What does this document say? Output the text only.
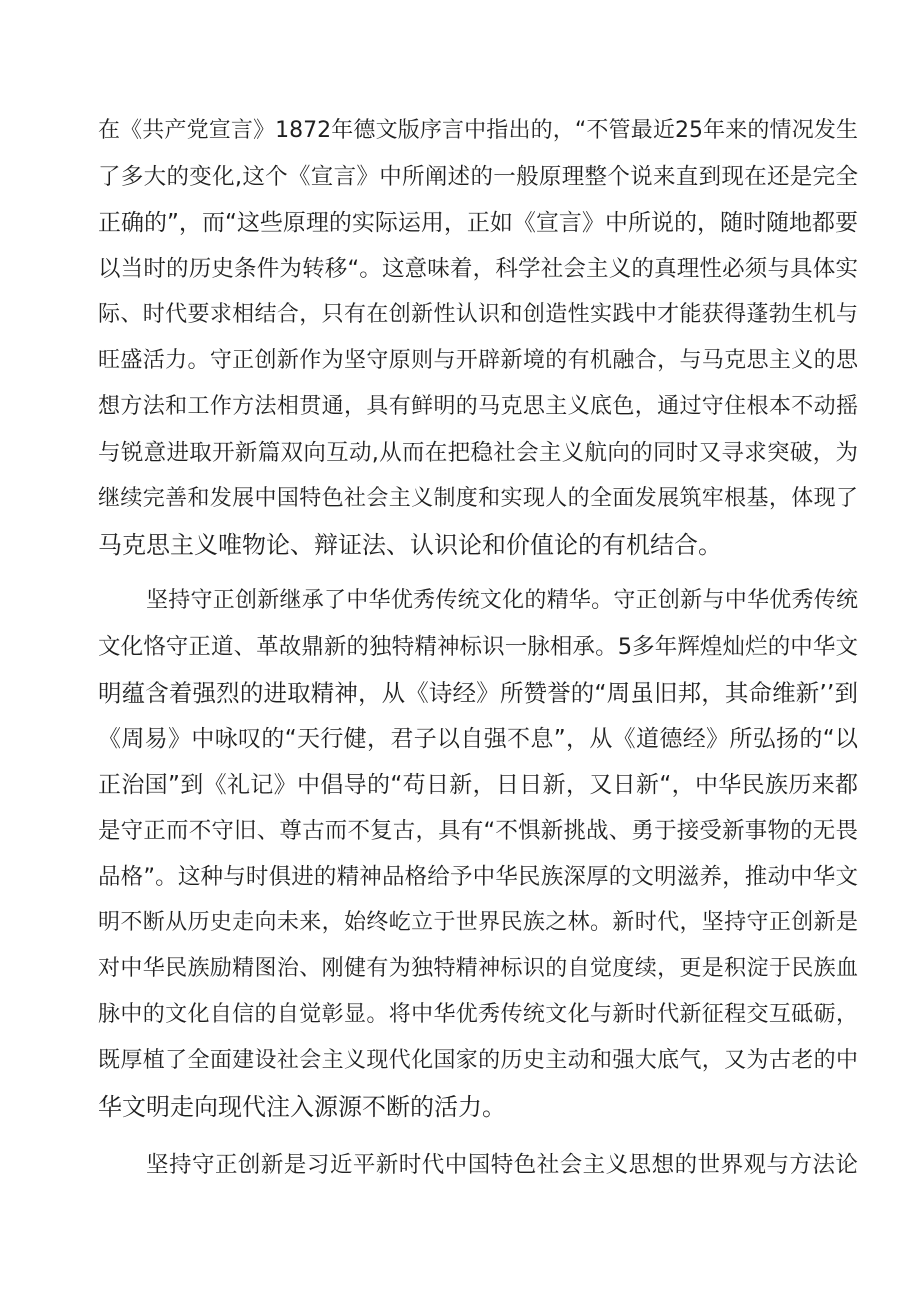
在《共产党宣言》1872年德文版序言中指出的，“不管最近25年来的情况发生
了多大的变化,这个《宣言》中所阐述的一般原理整个说来直到现在还是完全
正确的”，而“这些原理的实际运用，正如《宣言》中所说的，随时随地都要
以当时的历史条件为转移“。这意味着，科学社会主义的真理性必须与具体实
际、时代要求相结合，只有在创新性认识和创造性实践中才能获得蓬勃生机与
旺盛活力。守正创新作为坚守原则与开辟新境的有机融合，与马克思主义的思
想方法和工作方法相贯通，具有鲜明的马克思主义底色，通过守住根本不动摇
与锐意进取开新篇双向互动,从而在把稳社会主义航向的同时又寻求突破，为
继续完善和发展中国特色社会主义制度和实现人的全面发展筑牢根基，体现了
马克思主义唯物论、辩证法、认识论和价值论的有机结合。
坚持守正创新继承了中华优秀传统文化的精华。守正创新与中华优秀传统
文化恪守正道、革故鼎新的独特精神标识一脉相承。5多年辉煌灿烂的中华文
明蕴含着强烈的进取精神，从《诗经》所赞誉的“周虽旧邦，其命维新’’到
《周易》中咏叹的“天行健，君子以自强不息”，从《道德经》所弘扬的“以
正治国”到《礼记》中倡导的“苟日新，日日新，又日新“，中华民族历来都
是守正而不守旧、尊古而不复古，具有“不惧新挑战、勇于接受新事物的无畏
品格”。这种与时俱进的精神品格给予中华民族深厚的文明滋养，推动中华文
明不断从历史走向未来，始终屹立于世界民族之林。新时代，坚持守正创新是
对中华民族励精图治、刚健有为独特精神标识的自觉度续，更是积淀于民族血
脉中的文化自信的自觉彰显。将中华优秀传统文化与新时代新征程交互砥砺，
既厚植了全面建设社会主义现代化国家的历史主动和强大底气，又为古老的中
华文明走向现代注入源源不断的活力。
坚持守正创新是习近平新时代中国特色社会主义思想的世界观与方法论
